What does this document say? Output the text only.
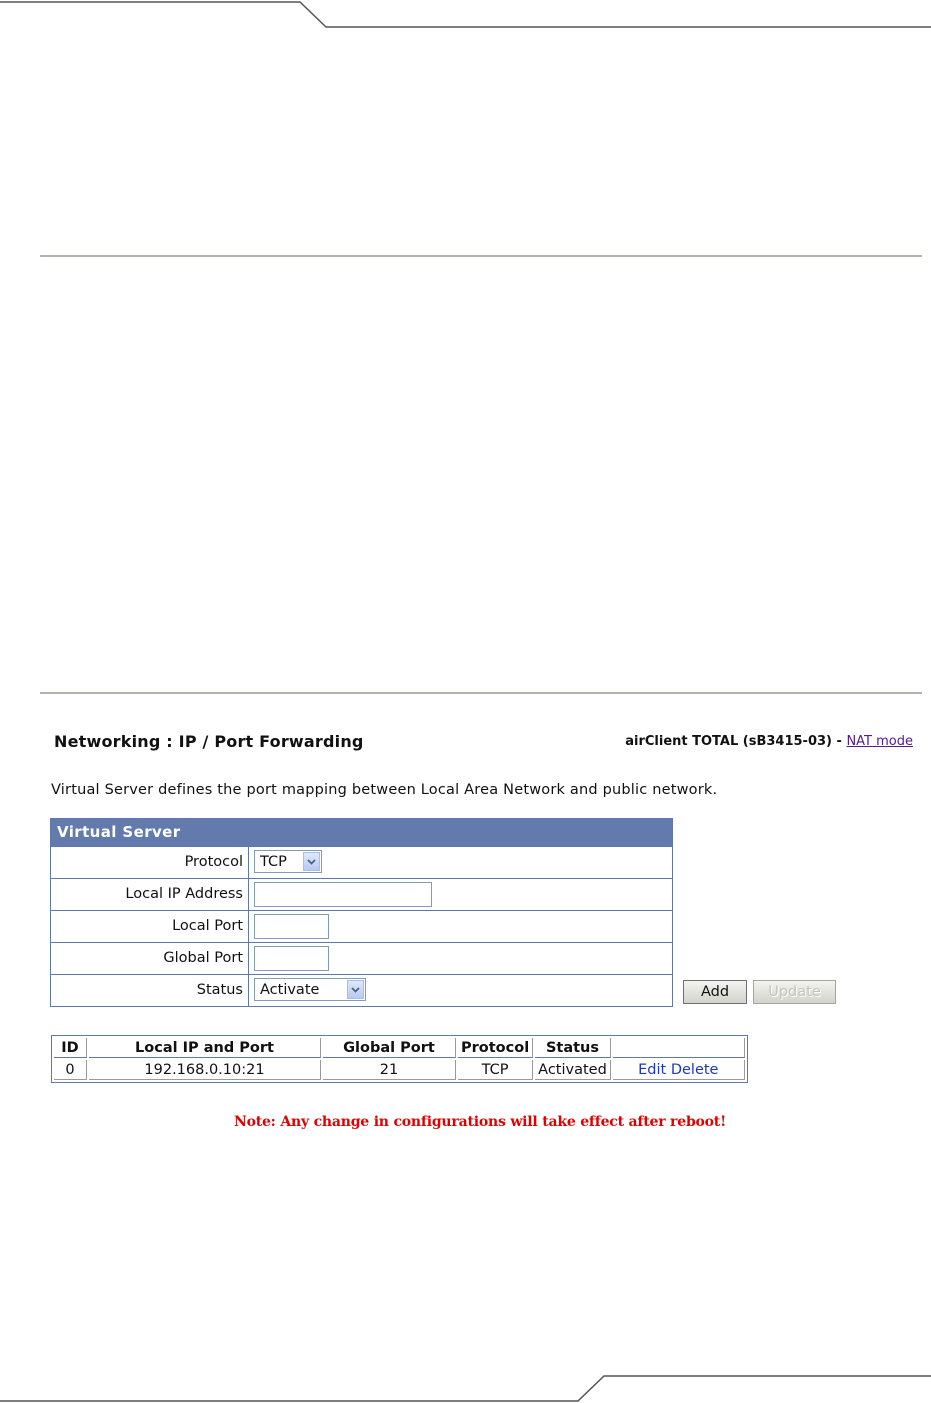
Networking : IP / Port Forwarding	airClient TOTAL (sB3415-03) - NAT mode
Virtual Server defines the port mapping between Local Area Network and public network.
Virtual Server
Protocol	TCP
Local IP Address
Local Port
Global Port
Status	Activate	Add	Update
ID	Local IP and Port	Global Port	Protocol	Status	
0	192.168.0.10:21	21	TCP	Activated	Edit Delete
Note: Any change in configurations will take effect after reboot!
